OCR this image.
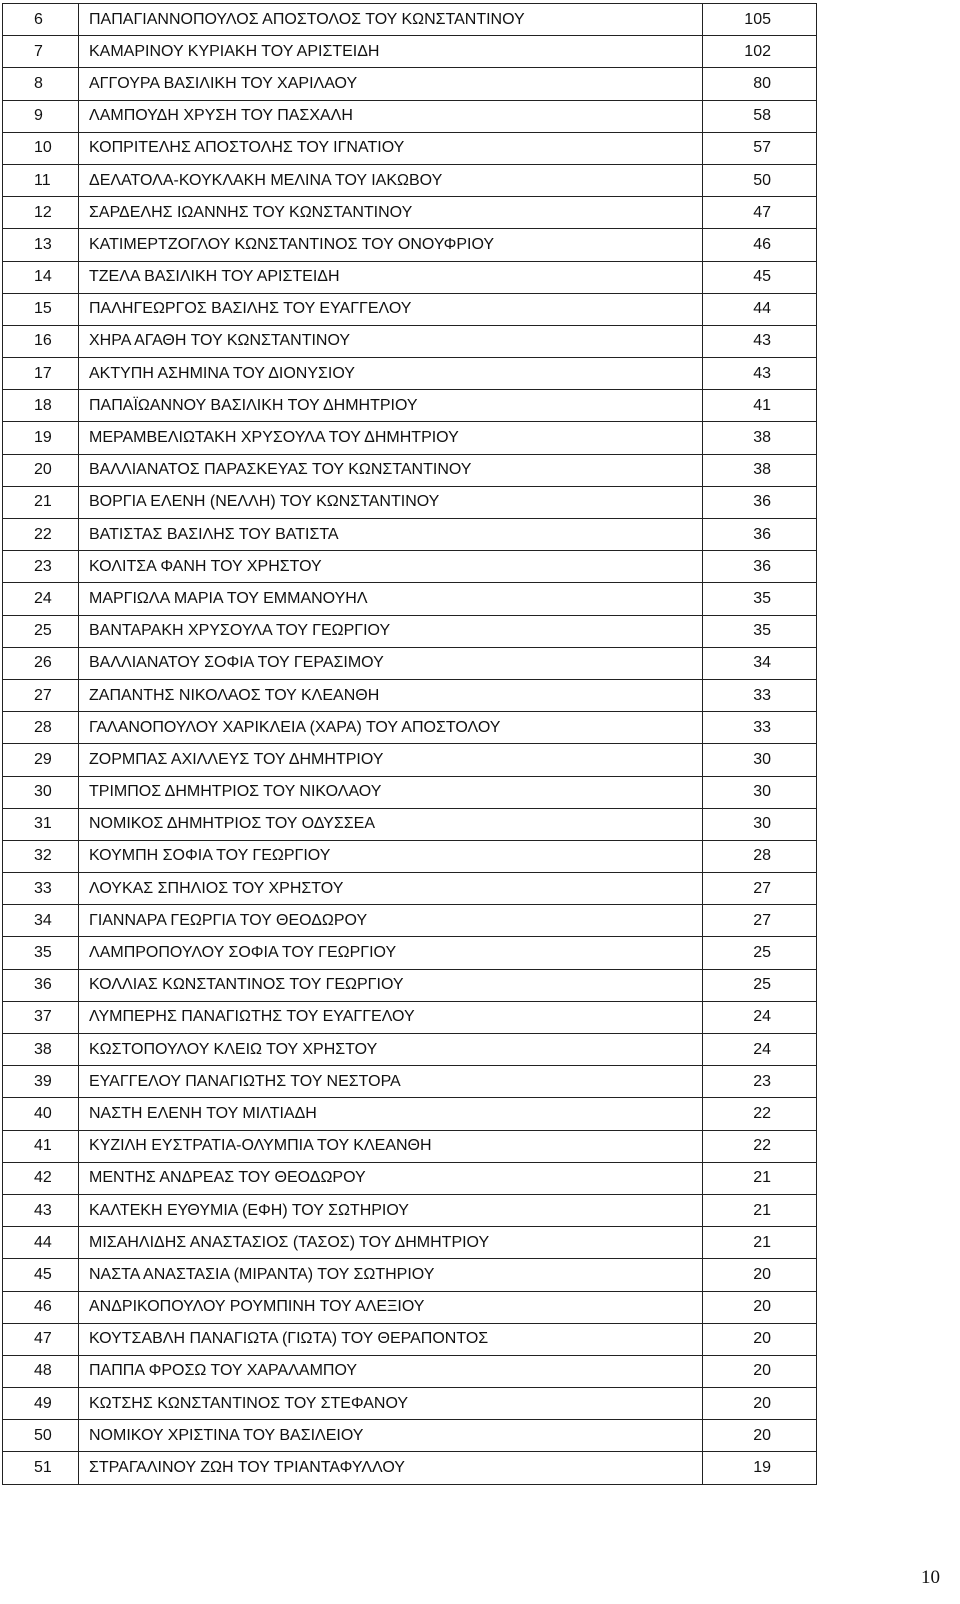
6	ΠΑΠΑΓΙΑΝΝΟΠΟΥΛΟΣ ΑΠΟΣΤΟΛΟΣ ΤΟΥ ΚΩΝΣΤΑΝΤΙΝΟΥ	105
7	ΚΑΜΑΡΙΝΟΥ ΚΥΡΙΑΚΗ ΤΟΥ ΑΡΙΣΤΕΙΔΗ	102
8	ΑΓΓΟΥΡΑ ΒΑΣΙΛΙΚΗ ΤΟΥ ΧΑΡΙΛΑΟΥ	80
9	ΛΑΜΠΟΥΔΗ ΧΡΥΣΗ ΤΟΥ ΠΑΣΧΑΛΗ	58
10	ΚΟΠΡΙΤΕΛΗΣ ΑΠΟΣΤΟΛΗΣ ΤΟΥ ΙΓΝΑΤΙΟΥ	57
11	ΔΕΛΑΤΟΛΑ-ΚΟΥΚΛΑΚΗ ΜΕΛΙΝΑ ΤΟΥ ΙΑΚΩΒΟΥ	50
12	ΣΑΡΔΕΛΗΣ ΙΩΑΝΝΗΣ ΤΟΥ ΚΩΝΣΤΑΝΤΙΝΟΥ	47
13	ΚΑΤΙΜΕΡΤΖΟΓΛΟΥ ΚΩΝΣΤΑΝΤΙΝΟΣ ΤΟΥ ΟΝΟΥΦΡΙΟΥ	46
14	ΤΖΕΛΑ ΒΑΣΙΛΙΚΗ ΤΟΥ ΑΡΙΣΤΕΙΔΗ	45
15	ΠΑΛΗΓΕΩΡΓΟΣ ΒΑΣΙΛΗΣ ΤΟΥ ΕΥΑΓΓΕΛΟΥ	44
16	ΧΗΡΑ ΑΓΑΘΗ ΤΟΥ ΚΩΝΣΤΑΝΤΙΝΟΥ	43
17	ΑΚΤΥΠΗ ΑΣΗΜΙΝΑ ΤΟΥ ΔΙΟΝΥΣΙΟΥ	43
18	ΠΑΠΑΪΩΑΝΝΟΥ ΒΑΣΙΛΙΚΗ ΤΟΥ ΔΗΜΗΤΡΙΟΥ	41
19	ΜΕΡΑΜΒΕΛΙΩΤΑΚΗ ΧΡΥΣΟΥΛΑ ΤΟΥ ΔΗΜΗΤΡΙΟΥ	38
20	ΒΑΛΛΙΑΝΑΤΟΣ ΠΑΡΑΣΚΕΥΑΣ ΤΟΥ ΚΩΝΣΤΑΝΤΙΝΟΥ	38
21	ΒΟΡΓΙΑ ΕΛΕΝΗ (ΝΕΛΛΗ) ΤΟΥ ΚΩΝΣΤΑΝΤΙΝΟΥ	36
22	ΒΑΤΙΣΤΑΣ ΒΑΣΙΛΗΣ ΤΟΥ ΒΑΤΙΣΤΑ	36
23	ΚΟΛΙΤΣΑ ΦΑΝΗ ΤΟΥ ΧΡΗΣΤΟΥ	36
24	ΜΑΡΓΙΩΛΑ ΜΑΡΙΑ ΤΟΥ ΕΜΜΑΝΟΥΗΛ	35
25	ΒΑΝΤΑΡΑΚΗ ΧΡΥΣΟΥΛΑ ΤΟΥ ΓΕΩΡΓΙΟΥ	35
26	ΒΑΛΛΙΑΝΑΤΟΥ ΣΟΦΙΑ ΤΟΥ ΓΕΡΑΣΙΜΟΥ	34
27	ΖΑΠΑΝΤΗΣ ΝΙΚΟΛΑΟΣ ΤΟΥ ΚΛΕΑΝΘΗ	33
28	ΓΑΛΑΝΟΠΟΥΛΟΥ ΧΑΡΙΚΛΕΙΑ (ΧΑΡΑ) ΤΟΥ ΑΠΟΣΤΟΛΟΥ	33
29	ΖΟΡΜΠΑΣ ΑΧΙΛΛΕΥΣ ΤΟΥ ΔΗΜΗΤΡΙΟΥ	30
30	ΤΡΙΜΠΟΣ ΔΗΜΗΤΡΙΟΣ ΤΟΥ ΝΙΚΟΛΑΟΥ	30
31	ΝΟΜΙΚΟΣ ΔΗΜΗΤΡΙΟΣ ΤΟΥ ΟΔΥΣΣΕΑ	30
32	ΚΟΥΜΠΗ ΣΟΦΙΑ ΤΟΥ ΓΕΩΡΓΙΟΥ	28
33	ΛΟΥΚΑΣ ΣΠΗΛΙΟΣ ΤΟΥ ΧΡΗΣΤΟΥ	27
34	ΓΙΑΝΝΑΡΑ ΓΕΩΡΓΙΑ ΤΟΥ ΘΕΟΔΩΡΟΥ	27
35	ΛΑΜΠΡΟΠΟΥΛΟΥ ΣΟΦΙΑ ΤΟΥ ΓΕΩΡΓΙΟΥ	25
36	ΚΟΛΛΙΑΣ ΚΩΝΣΤΑΝΤΙΝΟΣ ΤΟΥ ΓΕΩΡΓΙΟΥ	25
37	ΛΥΜΠΕΡΗΣ ΠΑΝΑΓΙΩΤΗΣ ΤΟΥ ΕΥΑΓΓΕΛΟΥ	24
38	ΚΩΣΤΟΠΟΥΛΟΥ ΚΛΕΙΩ ΤΟΥ ΧΡΗΣΤΟΥ	24
39	ΕΥΑΓΓΕΛΟΥ ΠΑΝΑΓΙΩΤΗΣ ΤΟΥ ΝΕΣΤΟΡΑ	23
40	ΝΑΣΤΗ ΕΛΕΝΗ ΤΟΥ ΜΙΛΤΙΑΔΗ	22
41	ΚΥΖΙΛΗ ΕΥΣΤΡΑΤΙΑ-ΟΛΥΜΠΙΑ ΤΟΥ ΚΛΕΑΝΘΗ	22
42	ΜΕΝΤΗΣ ΑΝΔΡΕΑΣ ΤΟΥ ΘΕΟΔΩΡΟΥ	21
43	ΚΑΛΤΕΚΗ ΕΥΘΥΜΙΑ (ΕΦΗ) ΤΟΥ ΣΩΤΗΡΙΟΥ	21
44	ΜΙΣΑΗΛΙΔΗΣ ΑΝΑΣΤΑΣΙΟΣ (ΤΑΣΟΣ) ΤΟΥ ΔΗΜΗΤΡΙΟΥ	21
45	ΝΑΣΤΑ ΑΝΑΣΤΑΣΙΑ (ΜΙΡΑΝΤΑ) ΤΟΥ ΣΩΤΗΡΙΟΥ	20
46	ΑΝΔΡΙΚΟΠΟΥΛΟΥ ΡΟΥΜΠΙΝΗ ΤΟΥ ΑΛΕΞΙΟΥ	20
47	ΚΟΥΤΣΑΒΛΗ ΠΑΝΑΓΙΩΤΑ (ΓΙΩΤΑ) ΤΟΥ ΘΕΡΑΠΟΝΤΟΣ	20
48	ΠΑΠΠΑ ΦΡΟΣΩ ΤΟΥ ΧΑΡΑΛΑΜΠΟΥ	20
49	ΚΩΤΣΗΣ ΚΩΝΣΤΑΝΤΙΝΟΣ ΤΟΥ ΣΤΕΦΑΝΟΥ	20
50	ΝΟΜΙΚΟΥ ΧΡΙΣΤΙΝΑ ΤΟΥ ΒΑΣΙΛΕΙΟΥ	20
51	ΣΤΡΑΓΑΛΙΝΟΥ ΖΩΗ ΤΟΥ ΤΡΙΑΝΤΑΦΥΛΛΟΥ	19
10
